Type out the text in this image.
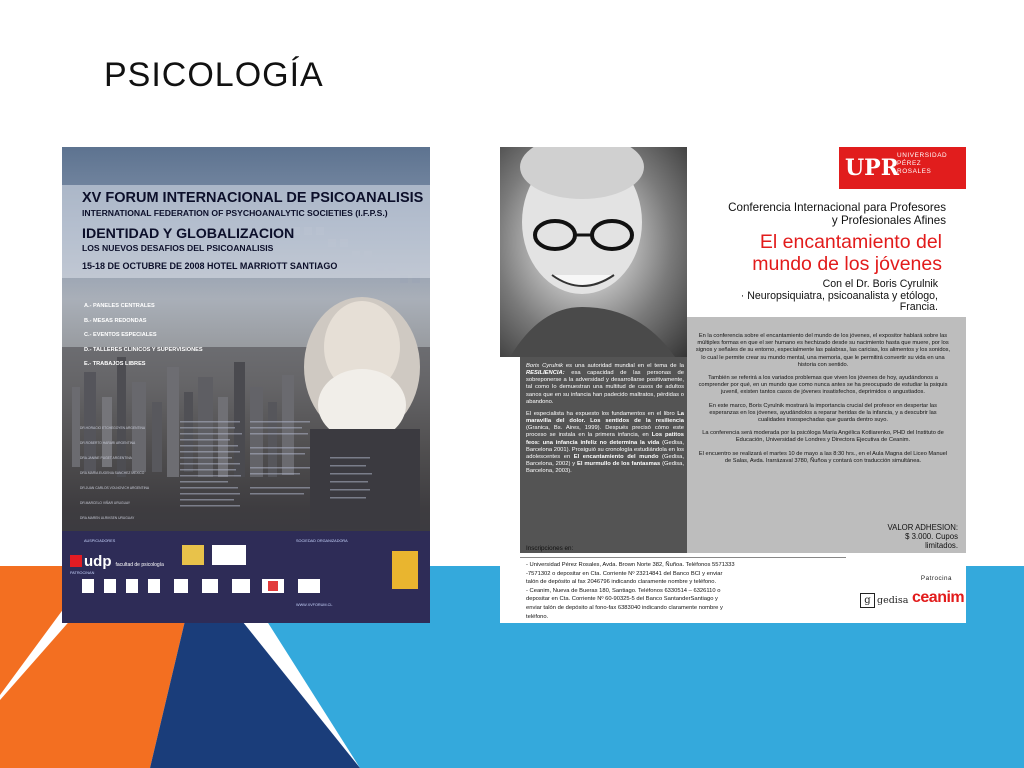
PSICOLOGÍA
XV FORUM INTERNACIONAL DE PSICOANALISIS
INTERNATIONAL FEDERATION OF PSYCHOANALYTIC SOCIETIES (I.F.P.S.)
IDENTIDAD Y GLOBALIZACION
LOS NUEVOS DESAFIOS DEL PSICOANALISIS
15-18 DE OCTUBRE DE 2008 HOTEL MARRIOTT SANTIAGO
A.- PANELES CENTRALES
B.- MESAS REDONDAS
C.- EVENTOS ESPECIALES
D.- TALLERES CLINICOS Y SUPERVISIONES
E.- TRABAJOS LIBRES
DR.HORACIO ETCHEGOYEN ARGENTINA
DR.ROBERTO HARARI ARGENTINA
DRA.JANINE PUGET ARGENTINA
DRA.MARIA EUGENIA SANCHEZ MEXICO
DR.JUAN CARLOS VOLNOVICH ARGENTINA
DR.MARCELO VIÑAR URUGUAY
DRA.MAREN ULRIKSEN URUGUAY
AUSPICIADORES
udp facultad de psicología
PATROCINAN
SOCIEDAD ORGANIZADORA
WWW.XVFORUM.CL
UPR
UNIVERSIDAD
PÉREZ
ROSALES
Conferencia Internacional para Profesores
y Profesionales Afines
El encantamiento del
mundo de los jóvenes
Con el Dr. Boris Cyrulnik
· Neuropsiquiatra, psicoanalista y etólogo,
Francia.

En la conferencia sobre el encantamiento del mundo de los jóvenes, el expositor hablará sobre las múltiples formas en que el ser humano es hechizado desde su nacimiento hasta que muere, por los signos y señales de su entorno, especialmente las palabras, las caricias, los alimentos y los sonidos, lo cual le permite crear su mundo mental, una memoria, que le permitirá convertir su vida en una historia con sentido.

También se referirá a los variados problemas que viven los jóvenes de hoy, ayudándonos a comprender por qué, en un mundo que como nunca antes se ha preocupado de estudiar la psiquis juvenil, existen tantos casos de jóvenes insatisfechos, deprimidos o angustiados.

En este marco, Boris Cyrulnik mostrará la importancia crucial del profesor en despertar las esperanzas en los jóvenes, ayudándolos a reparar heridas de la infancia, y a descubrir las cualidades insospechadas que guarda dentro suyo.

La conferencia será moderada por la psicóloga María Angélica Kotliarenko, PHD del Instituto de Educación, Universidad de Londres y Directora Ejecutiva de Ceanim.

El encuentro se realizará el martes 10 de mayo a las 8:30 hrs., en el Aula Magna del Liceo Manuel de Salas, Avda. Irarrázaval 3780, Ñuñoa y contará con traducción simultánea.

VALOR ADHESION:
$ 3.000. Cupos
limitados.

Boris Cyrulnik es una autoridad mundial en el tema de la RESILIENCIA: esa capacidad de las personas de sobreponerse a la adversidad y desarrollarse positivamente, tal como lo demuestran una multitud de casos de adultos sanos que en su infancia han padecido maltratos, pérdidas o abandono.

El especialista ha expuesto los fundamentos en el libro La maravilla del dolor. Los sentidos de la resiliencia (Granica, Bs. Aires, 1999). Después precisó cómo este proceso se instala en la primera infancia, en Los patitos feos: una infancia infeliz no determina la vida (Gedisa, Barcelona 2001). Prosiguió su cronología estudiándola en los adolescentes en El encantamiento del mundo (Gedisa, Barcelona, 2002) y El murmullo de los fantasmas (Gedisa, Barcelona, 2003).

Inscripciones en:
- Universidad Pérez Rosales, Avda. Brown Norte 382, Ñuñoa. Teléfonos 5571333
-7571302 o depositar en Cta. Corriente Nº 23214841 del Banco BCI y enviar
talón de depósito al fax 2046796 indicando claramente nombre y teléfono.
- Ceanim, Nueva de Bueras 180, Santiago. Teléfonos 6330514 – 6326110 o
depositar en Cta. Corriente Nº 60-90325-5 del Banco SantanderSantiago y
enviar talón de depósito al fono-fax 6383040 indicando claramente nombre y
teléfono.
Patrocina
g gedisa ceanim
